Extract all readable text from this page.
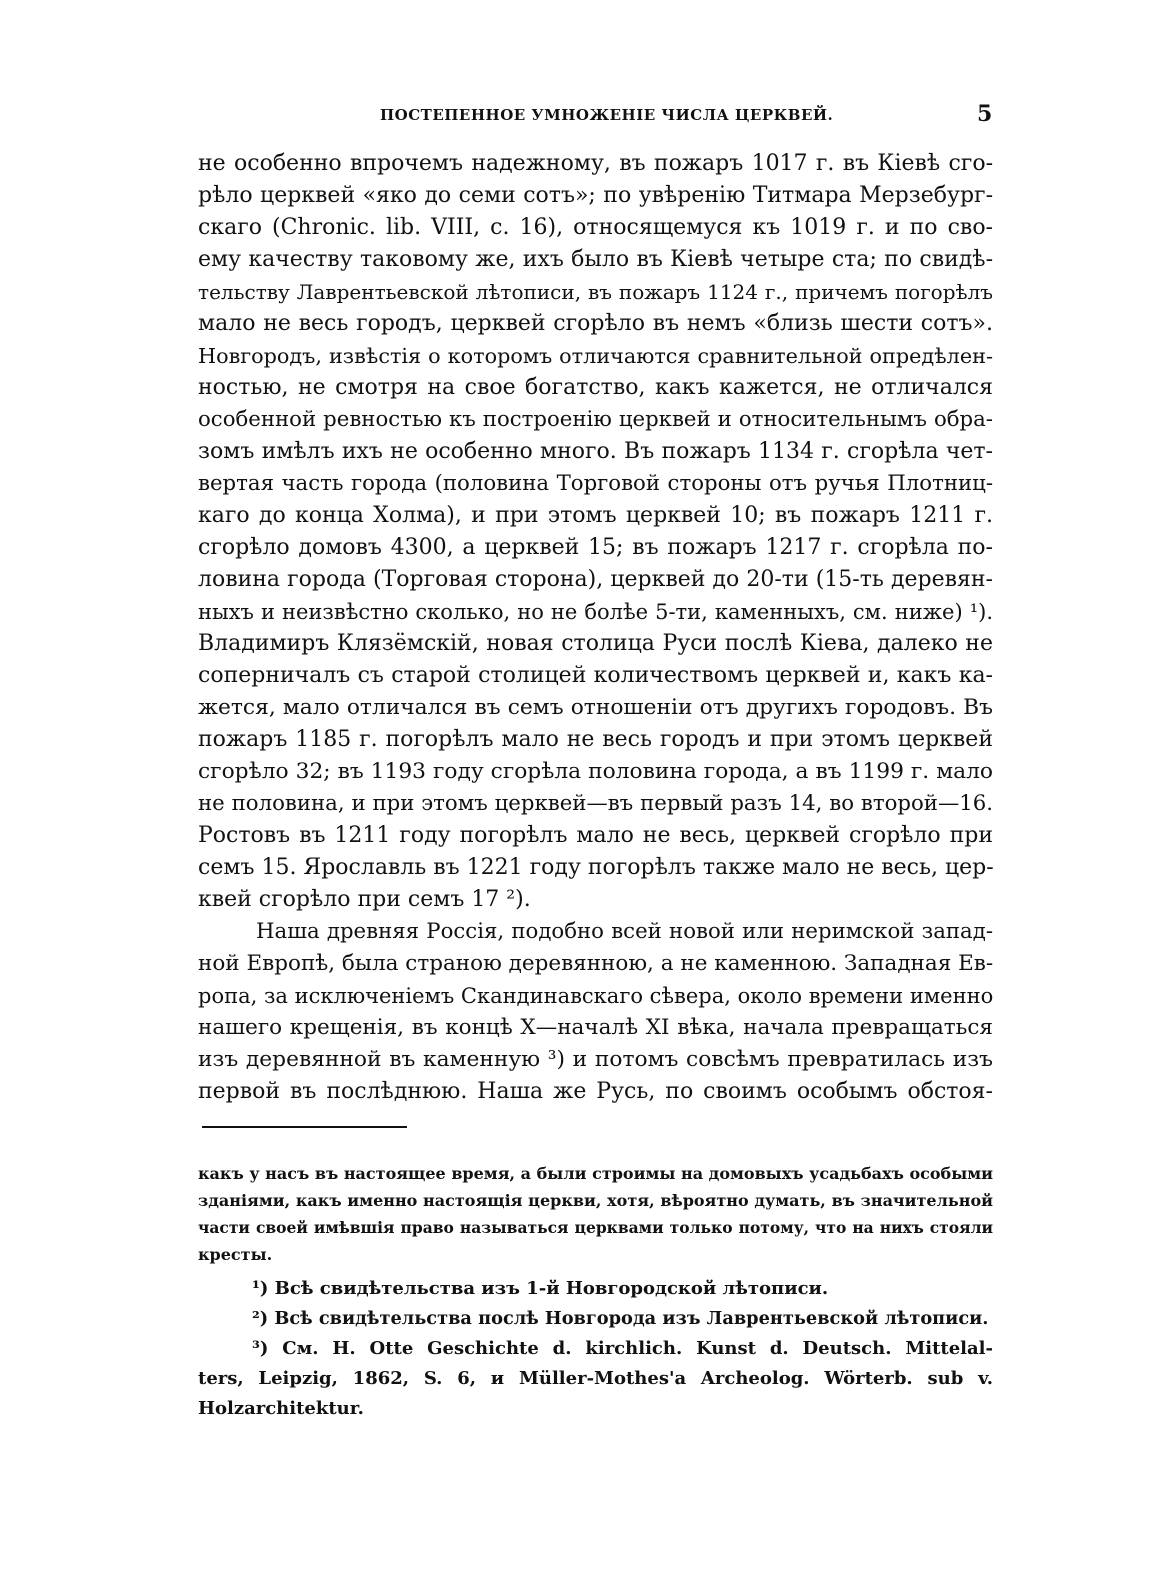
ПОСТЕПЕННОЕ УМНОЖЕНІЕ ЧИСЛА ЦЕРКВЕЙ.	5
не особенно впрочемъ надежному, въ пожаръ 1017 г. въ Кіевѣ сго-
рѣло церквей «яко до семи сотъ»; по увѣренію Титмара Мерзебург-
скаго (Chronic. lib. VIII, c. 16), относящемуся къ 1019 г. и по сво-
ему качеству таковому же, ихъ было въ Кіевѣ четыре ста; по свидѣ-
тельству Лаврентьевской лѣтописи, въ пожаръ 1124 г., причемъ погорѣлъ
мало не весь городъ, церквей сгорѣло въ немъ «близь шести сотъ».
Новгородъ, извѣстія о которомъ отличаются сравнительной опредѣлен-
ностью, не смотря на свое богатство, какъ кажется, не отличался
особенной ревностью къ построенію церквей и относительнымъ обра-
зомъ имѣлъ ихъ не особенно много. Въ пожаръ 1134 г. сгорѣла чет-
вертая часть города (половина Торговой стороны отъ ручья Плотниц-
каго до конца Холма), и при этомъ церквей 10; въ пожаръ 1211 г.
сгорѣло домовъ 4300, а церквей 15; въ пожаръ 1217 г. сгорѣла по-
ловина города (Торговая сторона), церквей до 20-ти (15-ть деревян-
ныхъ и неизвѣстно сколько, но не болѣе 5-ти, каменныхъ, см. ниже) ¹).
Владимиръ Клязёмскій, новая столица Руси послѣ Кіева, далеко не
соперничалъ съ старой столицей количествомъ церквей и, какъ ка-
жется, мало отличался въ семъ отношеніи отъ другихъ городовъ. Въ
пожаръ 1185 г. погорѣлъ мало не весь городъ и при этомъ церквей
сгорѣло 32; въ 1193 году сгорѣла половина города, а въ 1199 г. мало
не половина, и при этомъ церквей—въ первый разъ 14, во второй—16.
Ростовъ въ 1211 году погорѣлъ мало не весь, церквей сгорѣло при
семъ 15. Ярославль въ 1221 году погорѣлъ также мало не весь, цер-
квей сгорѣло при семъ 17 ²).
Наша древняя Россія, подобно всей новой или неримской запад-
ной Европѣ, была страною деревянною, а не каменною. Западная Ев-
ропа, за исключеніемъ Скандинавскаго сѣвера, около времени именно
нашего крещенія, въ концѣ X—началѣ XI вѣка, начала превращаться
изъ деревянной въ каменную ³) и потомъ совсѣмъ превратилась изъ
первой въ послѣднюю. Наша же Русь, по своимъ особымъ обстоя-
какъ у насъ въ настоящее время, а были строимы на домовыхъ усадьбахъ особыми
зданіями, какъ именно настоящія церкви, хотя, вѣроятно думать, въ значительной
части своей имѣвшія право называться церквами только потому, что на нихъ стояли
кресты.
¹) Всѣ свидѣтельства изъ 1-й Новгородской лѣтописи.
²) Всѣ свидѣтельства послѣ Новгорода изъ Лаврентьевской лѣтописи.
³) См. H. Otte Geschichte d. kirchlich. Kunst d. Deutsch. Mittelal-
ters, Leipzig, 1862, S. 6, и Müller-Mothes'a Archeolog. Wörterb. sub v.
Holzarchitektur.
